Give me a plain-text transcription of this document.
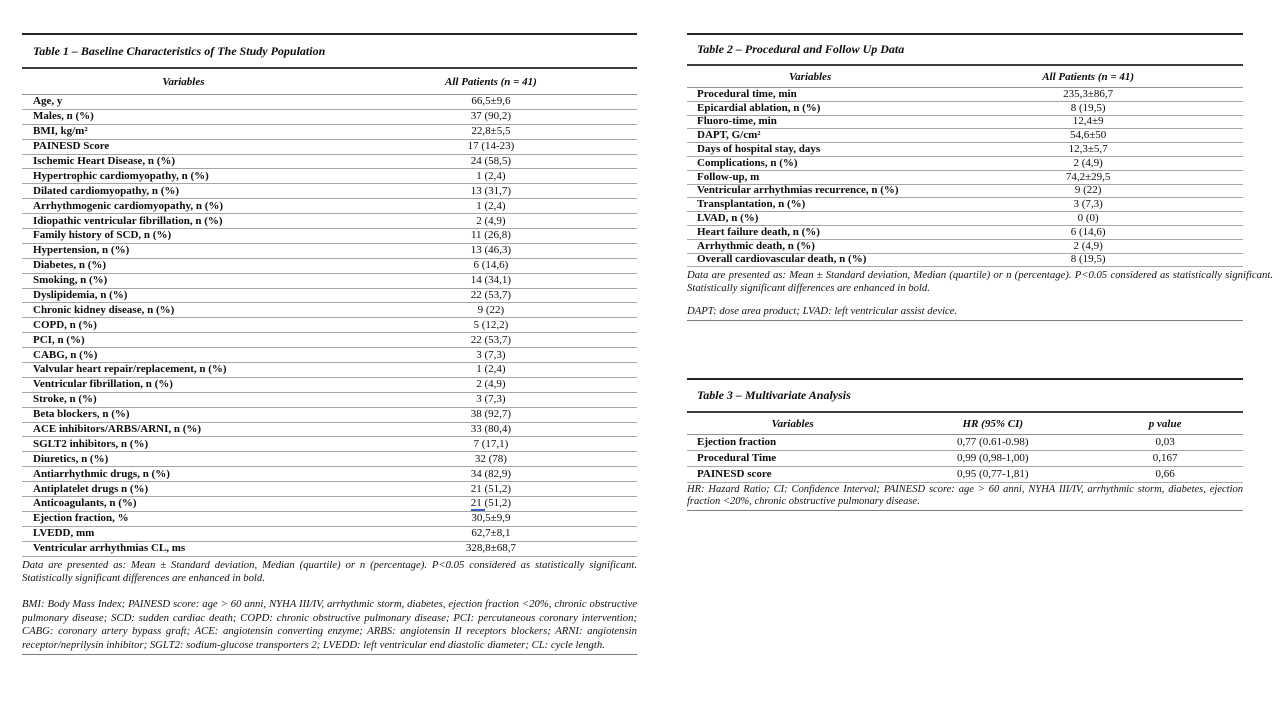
Table 1 – Baseline Characteristics of The Study Population
Variables	All Patients (n = 41)
Age, y	66,5±9,6
Males, n (%)	37 (90,2)
BMI, kg/m²	22,8±5,5
PAINESD Score	17 (14-23)
Ischemic Heart Disease, n (%)	24 (58,5)
Hypertrophic cardiomyopathy, n (%)	1 (2,4)
Dilated cardiomyopathy, n (%)	13 (31,7)
Arrhythmogenic cardiomyopathy, n (%)	1 (2,4)
Idiopathic ventricular fibrillation, n (%)	2 (4,9)
Family history of SCD, n (%)	11 (26,8)
Hypertension, n (%)	13 (46,3)
Diabetes, n (%)	6 (14,6)
Smoking, n (%)	14 (34,1)
Dyslipidemia, n (%)	22 (53,7)
Chronic kidney disease, n (%)	9 (22)
COPD, n (%)	5 (12,2)
PCI, n (%)	22 (53,7)
CABG, n (%)	3 (7,3)
Valvular heart repair/replacement, n (%)	1 (2,4)
Ventricular fibrillation, n (%)	2 (4,9)
Stroke, n (%)	3 (7,3)
Beta blockers, n (%)	38 (92,7)
ACE inhibitors/ARBS/ARNI, n (%)	33 (80,4)
SGLT2 inhibitors, n (%)	7 (17,1)
Diuretics, n (%)	32 (78)
Antiarrhythmic drugs, n (%)	34 (82,9)
Antiplatelet drugs n (%)	21 (51,2)
Anticoagulants, n (%)	21 (51,2)
Ejection fraction, %	30,5±9,9
LVEDD, mm	62,7±8,1
Ventricular arrhythmias CL, ms	328,8±68,7
Data are presented as: Mean ± Standard deviation, Median (quartile) or n (percentage). P<0.05 considered as statistically significant. Statistically significant differences are enhanced in bold.
BMI: Body Mass Index; PAINESD score: age > 60 anni, NYHA III/IV, arrhythmic storm, diabetes, ejection fraction <20%, chronic obstructive pulmonary disease; SCD: sudden cardiac death; COPD: chronic obstructive pulmonary disease; PCI: percutaneous coronary intervention; CABG: coronary artery bypass graft; ACE: angiotensin converting enzyme; ARBS: angiotensin II receptors blockers; ARNI: angiotensin receptor/neprilysin inhibitor; SGLT2: sodium-glucose transporters 2; LVEDD: left ventricular end diastolic diameter; CL: cycle length.
Table 2 – Procedural and Follow Up Data
Variables	All Patients (n = 41)
Procedural time, min	235,3±86,7
Epicardial ablation, n (%)	8 (19,5)
Fluoro-time, min	12,4±9
DAPT, G/cm²	54,6±50
Days of hospital stay, days	12,3±5,7
Complications, n (%)	2 (4,9)
Follow-up, m	74,2±29,5
Ventricular arrhythmias recurrence, n (%)	9 (22)
Transplantation, n (%)	3 (7,3)
LVAD, n (%)	0 (0)
Heart failure death, n (%)	6 (14,6)
Arrhythmic death, n (%)	2 (4,9)
Overall cardiovascular death, n (%)	8 (19,5)
Data are presented as: Mean ± Standard deviation, Median (quartile) or n (percentage). P<0.05 considered as statistically significant. Statistically significant differences are enhanced in bold.
DAPT: dose area product; LVAD: left ventricular assist device.
Table 3 – Multivariate Analysis
Variables	HR (95% CI)	p value
Ejection fraction	0,77 (0.61-0.98)	0,03
Procedural Time	0,99 (0,98-1,00)	0,167
PAINESD score	0,95 (0,77-1,81)	0,66
HR: Hazard Ratio; CI: Confidence Interval; PAINESD score: age > 60 anni, NYHA III/IV, arrhythmic storm, diabetes, ejection fraction <20%, chronic obstructive pulmonary disease.
